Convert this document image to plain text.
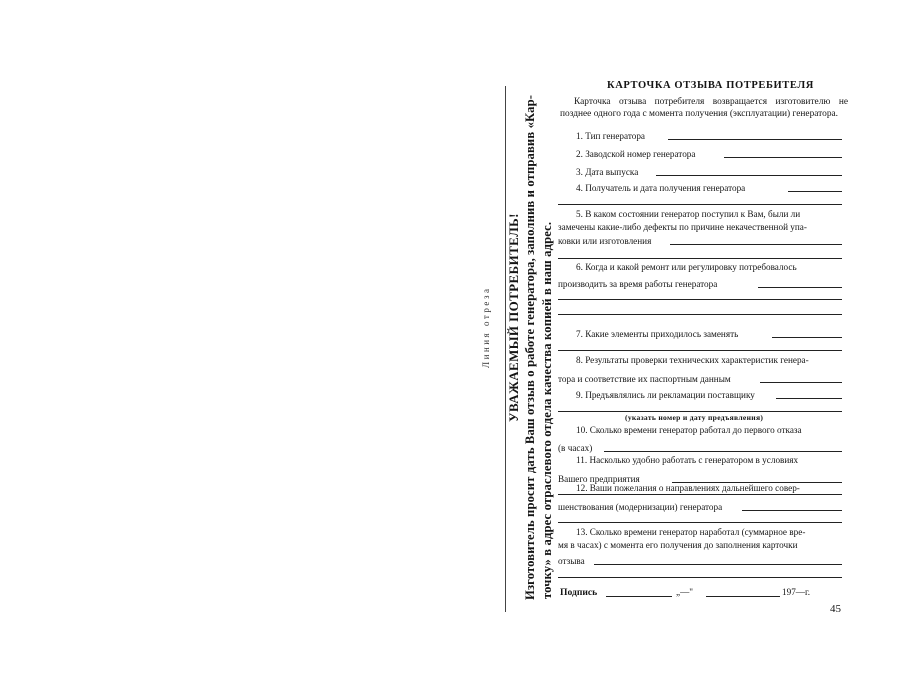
Линия отреза УВАЖАЕМЫЙ ПОТРЕБИТЕЛЬ! Изготовитель просит дать Ваш отзыв о работе генератора, заполнив и отправив «Кар- точку» в адрес отраслевого отдела качества копией в наш адрес.
КАРТОЧКА ОТЗЫВА ПОТРЕБИТЕЛЯ
Карточка отзыва потребителя возвращается изготовителю не позднее одного года с момента получения (эксплуатации) генератора.
1. Тип генератора
2. Заводской номер генератора
3. Дата выпуска
4. Получатель и дата получения генератора
5. В каком состоянии генератор поступил к Вам, были ли
замечены какие-либо дефекты по причине некачественной упа-
ковки или изготовления
6. Когда и какой ремонт или регулировку потребовалось
производить за время работы генератора
7. Какие элементы приходилось заменять
8. Результаты проверки технических характеристик генера-
тора и соответствие их паспортным данным
9. Предъявлялись ли рекламации поставщику
(указать номер и дату предъявления)
10. Сколько времени генератор работал до первого отказа
(в часах)
11. Насколько удобно работать с генератором в условиях
Вашего предприятия
12. Ваши пожелания о направлениях дальнейшего совер-
шенствования (модернизации) генератора
13. Сколько времени генератор наработал (суммарное вре-
мя в часах) с момента его получения до заполнения карточки
отзыва
Подпись	„—"	197—г.
45
